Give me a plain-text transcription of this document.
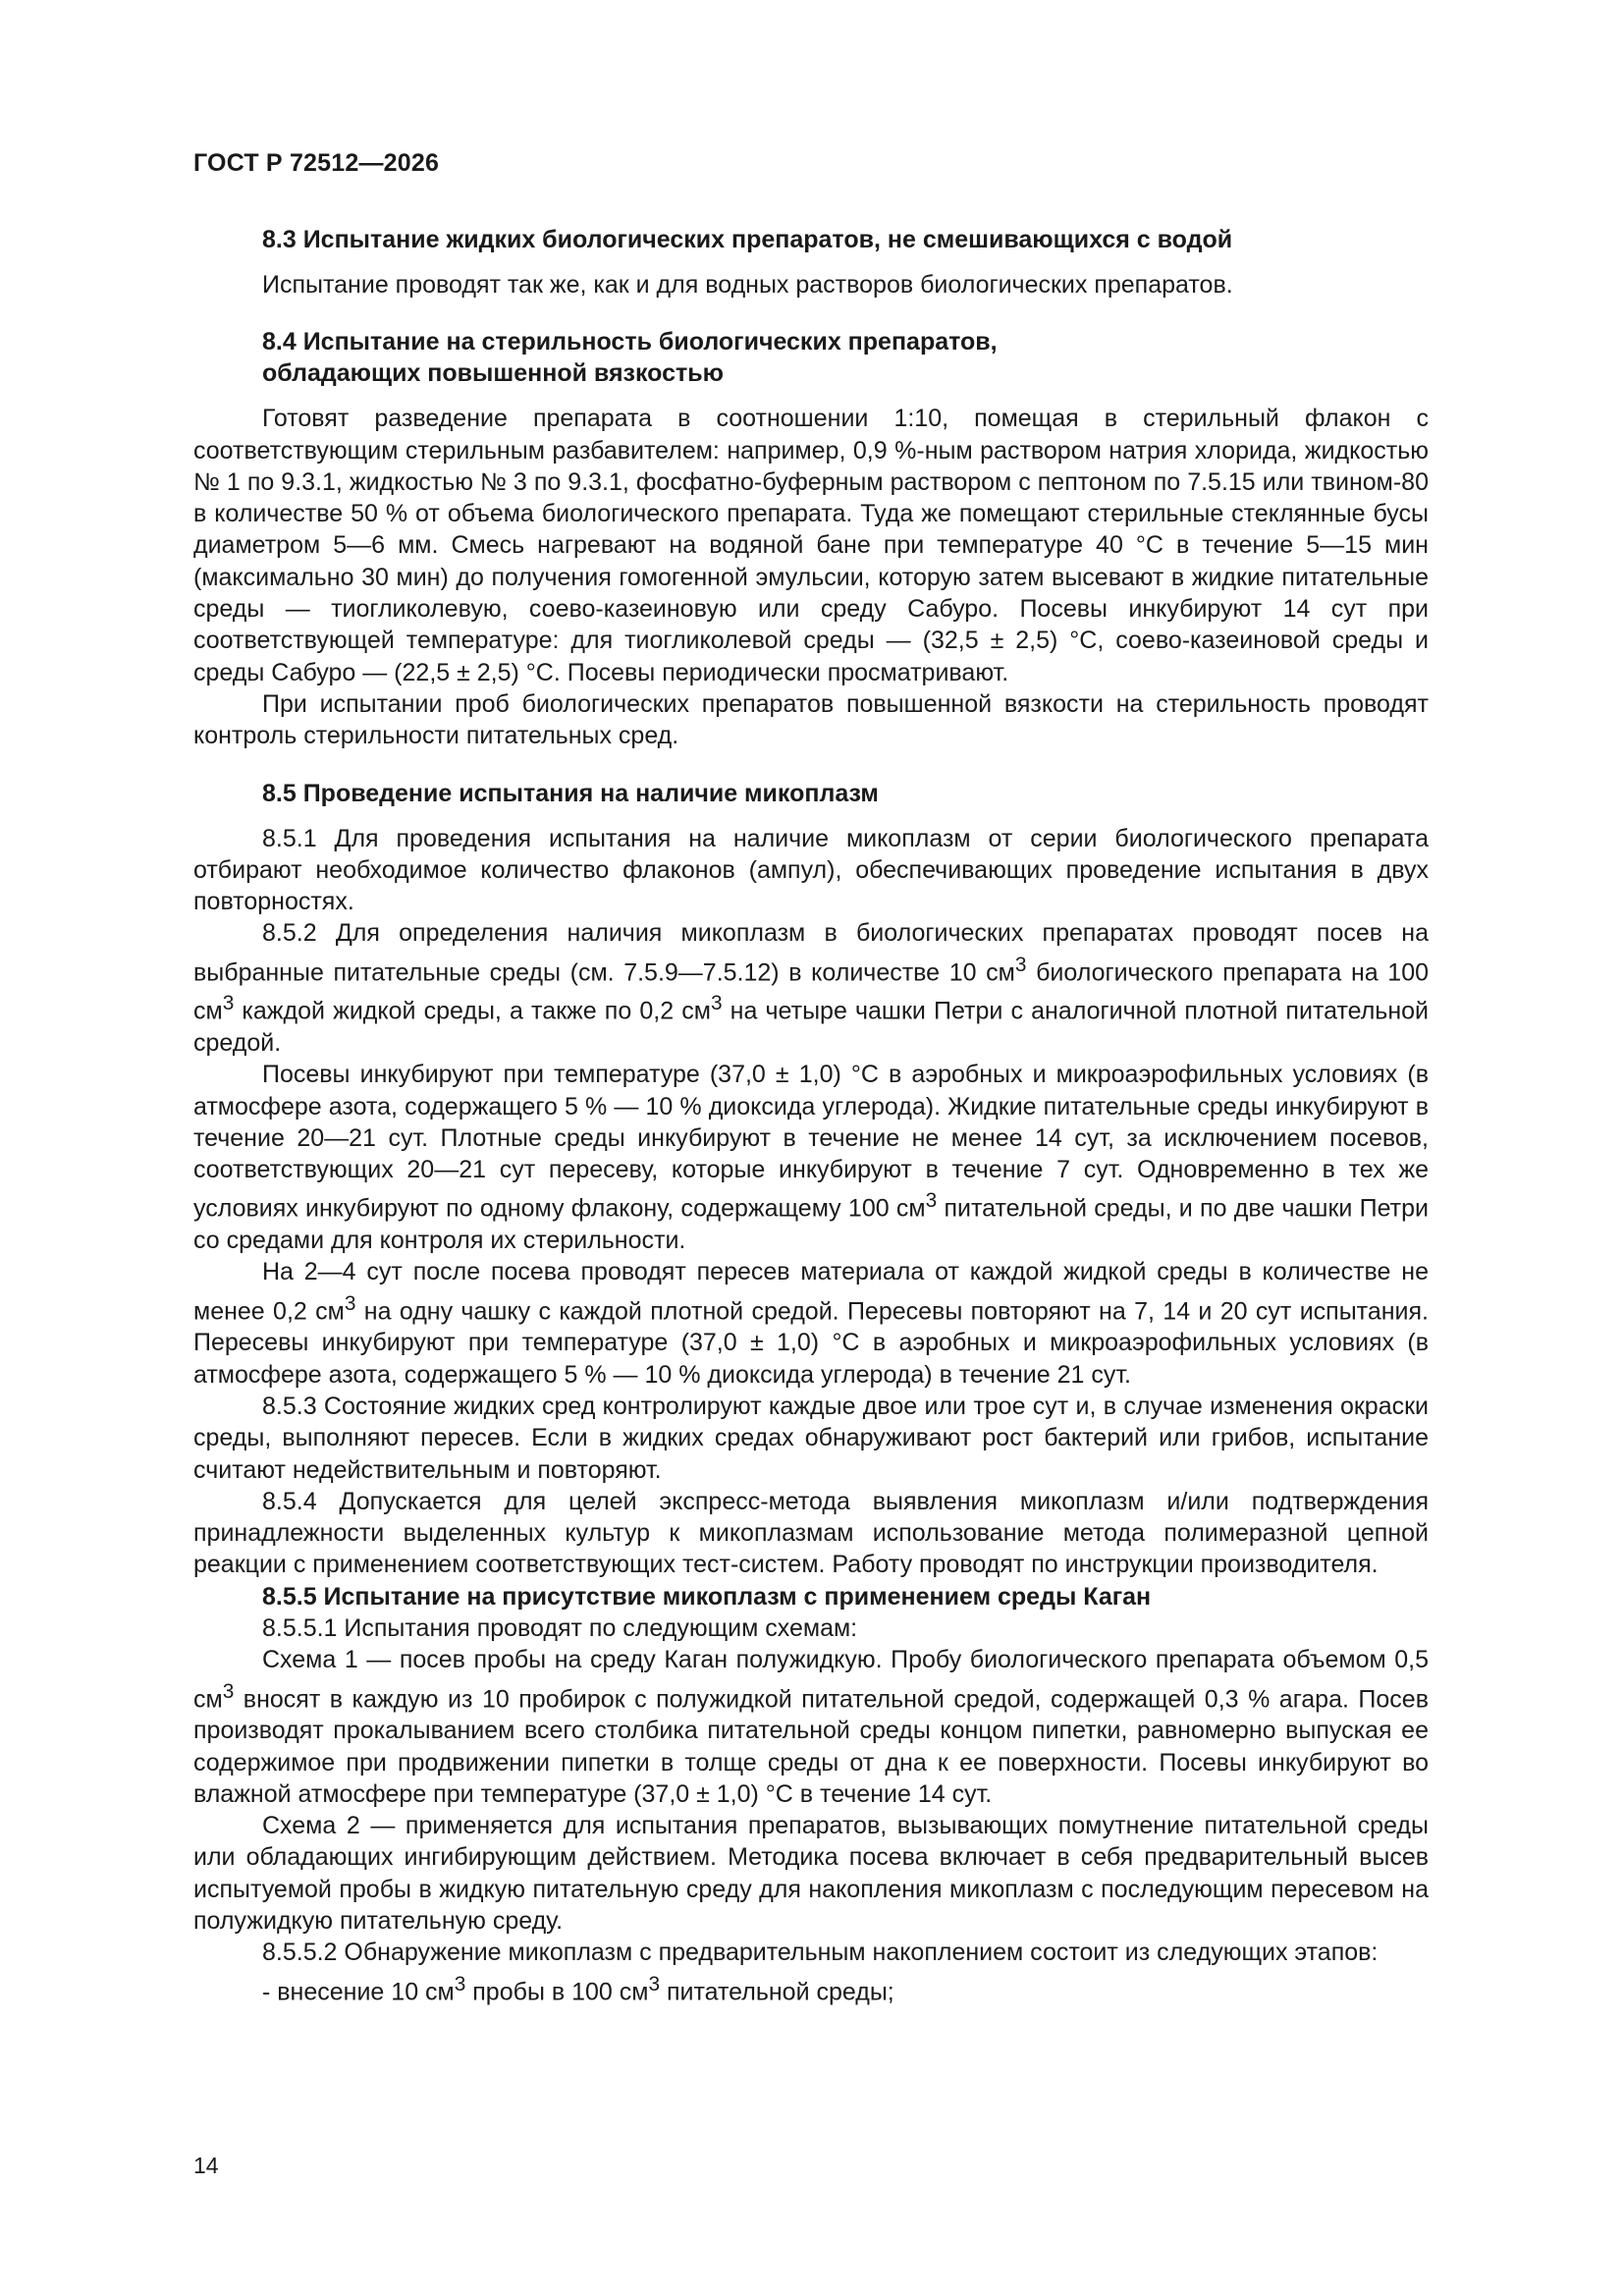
ГОСТ Р 72512—2026

8.3 Испытание жидких биологических препаратов, не смешивающихся с водой

Испытание проводят так же, как и для водных растворов биологических препаратов.

8.4 Испытание на стерильность биологических препаратов,
обладающих повышенной вязкостью

Готовят разведение препарата в соотношении 1:10, помещая в стерильный флакон с соответствующим стерильным разбавителем: например, 0,9 %-ным раствором натрия хлорида, жидкостью № 1 по 9.3.1, жидкостью № 3 по 9.3.1, фосфатно-буферным раствором с пептоном по 7.5.15 или твином-80 в количестве 50 % от объема биологического препарата. Туда же помещают стерильные стеклянные бусы диаметром 5—6 мм. Смесь нагревают на водяной бане при температуре 40 °С в течение 5—15 мин (максимально 30 мин) до получения гомогенной эмульсии, которую затем высевают в жидкие питательные среды — тиогликолевую, соево-казеиновую или среду Сабуро. Посевы инкубируют 14 сут при соответствующей температуре: для тиогликолевой среды — (32,5 ± 2,5) °С, соево-казеиновой среды и среды Сабуро — (22,5 ± 2,5) °С. Посевы периодически просматривают.

При испытании проб биологических препаратов повышенной вязкости на стерильность проводят контроль стерильности питательных сред.

8.5 Проведение испытания на наличие микоплазм

8.5.1 Для проведения испытания на наличие микоплазм от серии биологического препарата отбирают необходимое количество флаконов (ампул), обеспечивающих проведение испытания в двух повторностях.

8.5.2 Для определения наличия микоплазм в биологических препаратах проводят посев на выбранные питательные среды (см. 7.5.9—7.5.12) в количестве 10 $см^3$ биологического препарата на 100 $см^3$ каждой жидкой среды, а также по 0,2 $см^3$ на четыре чашки Петри с аналогичной плотной питательной средой.

Посевы инкубируют при температуре (37,0 ± 1,0) °С в аэробных и микроаэрофильных условиях (в атмосфере азота, содержащего 5 % — 10 % диоксида углерода). Жидкие питательные среды инкубируют в течение 20—21 сут. Плотные среды инкубируют в течение не менее 14 сут, за исключением посевов, соответствующих 20—21 сут пересеву, которые инкубируют в течение 7 сут. Одновременно в тех же условиях инкубируют по одному флакону, содержащему 100 $см^3$ питательной среды, и по две чашки Петри со средами для контроля их стерильности.

На 2—4 сут после посева проводят пересев материала от каждой жидкой среды в количестве не менее 0,2 $см^3$ на одну чашку с каждой плотной средой. Пересевы повторяют на 7, 14 и 20 сут испытания. Пересевы инкубируют при температуре (37,0 ± 1,0) °С в аэробных и микроаэрофильных условиях (в атмосфере азота, содержащего 5 % — 10 % диоксида углерода) в течение 21 сут.

8.5.3 Состояние жидких сред контролируют каждые двое или трое сут и, в случае изменения окраски среды, выполняют пересев. Если в жидких средах обнаруживают рост бактерий или грибов, испытание считают недействительным и повторяют.

8.5.4 Допускается для целей экспресс-метода выявления микоплазм и/или подтверждения принадлежности выделенных культур к микоплазмам использование метода полимеразной цепной реакции с применением соответствующих тест-систем. Работу проводят по инструкции производителя.

8.5.5 Испытание на присутствие микоплазм с применением среды Каган

8.5.5.1 Испытания проводят по следующим схемам:

Схема 1 — посев пробы на среду Каган полужидкую. Пробу биологического препарата объемом 0,5 $см^3$ вносят в каждую из 10 пробирок с полужидкой питательной средой, содержащей 0,3 % агара. Посев производят прокалыванием всего столбика питательной среды концом пипетки, равномерно выпуская ее содержимое при продвижении пипетки в толще среды от дна к ее поверхности. Посевы инкубируют во влажной атмосфере при температуре (37,0 ± 1,0) °С в течение 14 сут.

Схема 2 — применяется для испытания препаратов, вызывающих помутнение питательной среды или обладающих ингибирующим действием. Методика посева включает в себя предварительный высев испытуемой пробы в жидкую питательную среду для накопления микоплазм с последующим пересевом на полужидкую питательную среду.

8.5.5.2 Обнаружение микоплазм с предварительным накоплением состоит из следующих этапов:

- внесение 10 $см^3$ пробы в 100 $см^3$ питательной среды;

14
